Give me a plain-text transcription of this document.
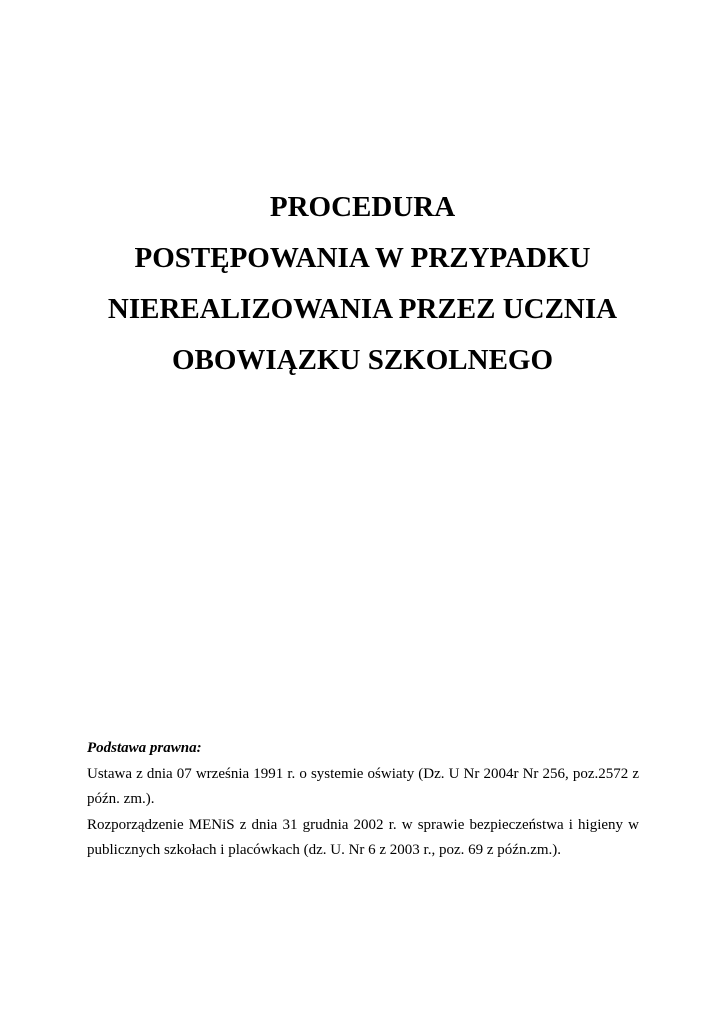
PROCEDURA
POSTĘPOWANIA W PRZYPADKU
NIEREALIZOWANIA PRZEZ UCZNIA
OBOWIĄZKU SZKOLNEGO
Podstawa prawna:

Ustawa z dnia 07 września 1991 r. o systemie oświaty (Dz. U Nr 2004r Nr 256, poz.2572 z późn. zm.).

Rozporządzenie MENiS z dnia 31 grudnia 2002 r. w sprawie bezpieczeństwa i higieny w publicznych szkołach i placówkach (dz. U. Nr 6 z 2003 r., poz. 69 z późn.zm.).
